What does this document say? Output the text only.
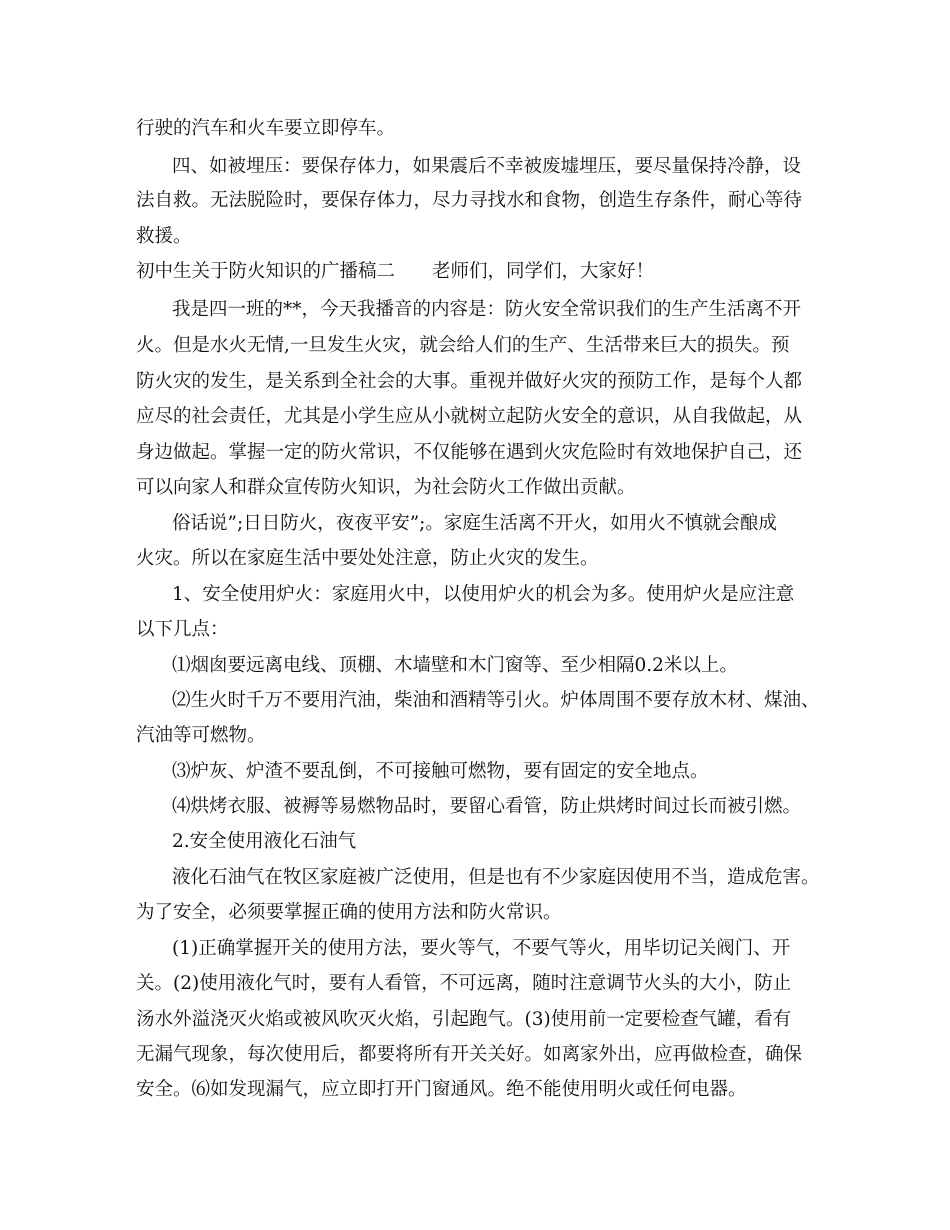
行驶的汽车和火车要立即停车。
四、如被埋压：要保存体力，如果震后不幸被废墟埋压，要尽量保持冷静，设
法自救。无法脱险时，要保存体力，尽力寻找水和食物，创造生存条件，耐心等待
救援。
初中生关于防火知识的广播稿二　　老师们，同学们，大家好！
我是四一班的**，今天我播音的内容是：防火安全常识我们的生产生活离不开
火。但是水火无情,一旦发生火灾，就会给人们的生产、生活带来巨大的损失。预
防火灾的发生，是关系到全社会的大事。重视并做好火灾的预防工作，是每个人都
应尽的社会责任，尤其是小学生应从小就树立起防火安全的意识，从自我做起，从
身边做起。掌握一定的防火常识，不仅能够在遇到火灾危险时有效地保护自己，还
可以向家人和群众宣传防火知识，为社会防火工作做出贡献。
俗话说”;日日防火，夜夜平安”;。家庭生活离不开火，如用火不慎就会酿成
火灾。所以在家庭生活中要处处注意，防止火灾的发生。
1、安全使用炉火：家庭用火中，以使用炉火的机会为多。使用炉火是应注意
以下几点：
⑴烟囱要远离电线、顶棚、木墙壁和木门窗等、至少相隔0.2米以上。
⑵生火时千万不要用汽油，柴油和酒精等引火。炉体周围不要存放木材、煤油、
汽油等可燃物。
⑶炉灰、炉渣不要乱倒，不可接触可燃物，要有固定的安全地点。
⑷烘烤衣服、被褥等易燃物品时，要留心看管，防止烘烤时间过长而被引燃。
2.安全使用液化石油气
液化石油气在牧区家庭被广泛使用，但是也有不少家庭因使用不当，造成危害。
为了安全，必须要掌握正确的使用方法和防火常识。
(1)正确掌握开关的使用方法，要火等气，不要气等火，用毕切记关阀门、开
关。(2)使用液化气时，要有人看管，不可远离，随时注意调节火头的大小，防止
汤水外溢浇灭火焰或被风吹灭火焰，引起跑气。(3)使用前一定要检查气罐，看有
无漏气现象，每次使用后，都要将所有开关关好。如离家外出，应再做检查，确保
安全。⑹如发现漏气，应立即打开门窗通风。绝不能使用明火或任何电器。
